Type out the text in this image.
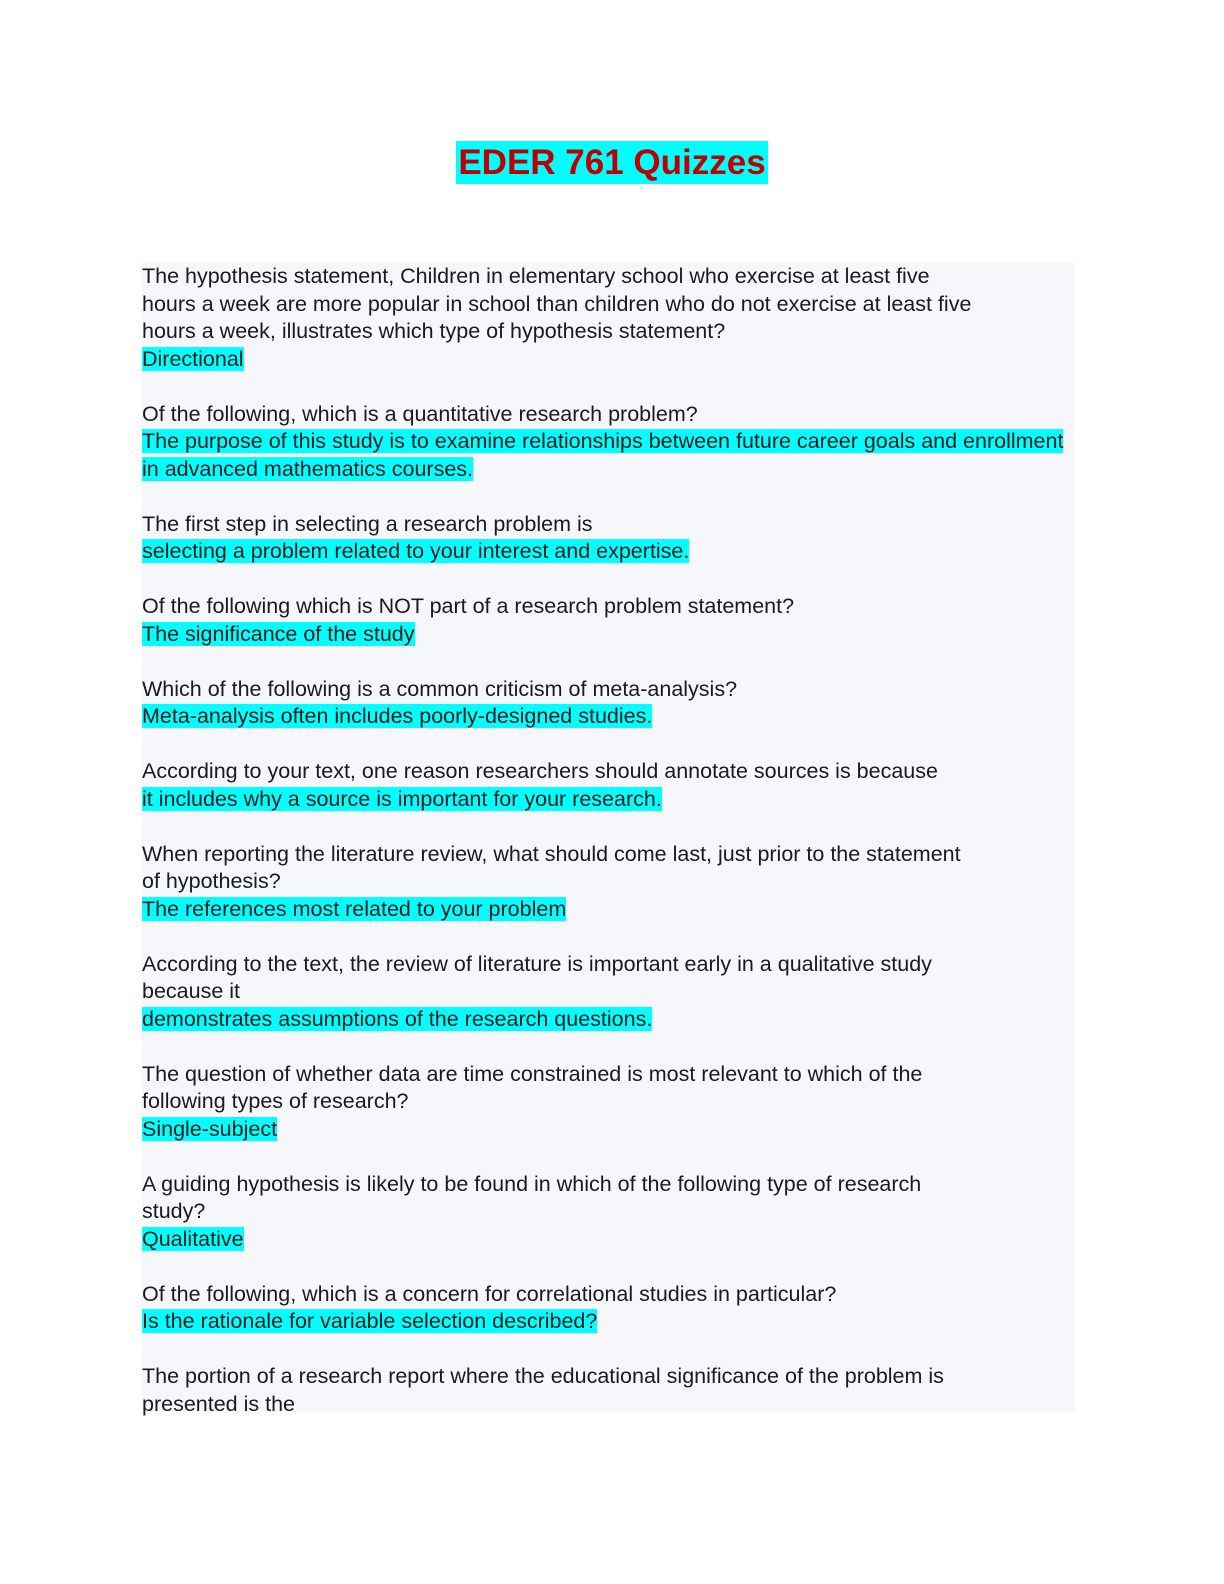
EDER 761 Quizzes
The hypothesis statement, Children in elementary school who exercise at least five
hours a week are more popular in school than children who do not exercise at least five
hours a week, illustrates which type of hypothesis statement?
Directional
Of the following, which is a quantitative research problem?
The purpose of this study is to examine relationships between future career goals and enrollment in advanced mathematics courses.
The first step in selecting a research problem is
selecting a problem related to your interest and expertise.
Of the following which is NOT part of a research problem statement?
The significance of the study
Which of the following is a common criticism of meta-analysis?
Meta-analysis often includes poorly-designed studies.
According to your text, one reason researchers should annotate sources is because
it includes why a source is important for your research.
When reporting the literature review, what should come last, just prior to the statement
of hypothesis?
The references most related to your problem
According to the text, the review of literature is important early in a qualitative study
because it
demonstrates assumptions of the research questions.
The question of whether data are time constrained is most relevant to which of the
following types of research?
Single-subject
A guiding hypothesis is likely to be found in which of the following type of research
study?
Qualitative
Of the following, which is a concern for correlational studies in particular?
Is the rationale for variable selection described?
The portion of a research report where the educational significance of the problem is
presented is the
